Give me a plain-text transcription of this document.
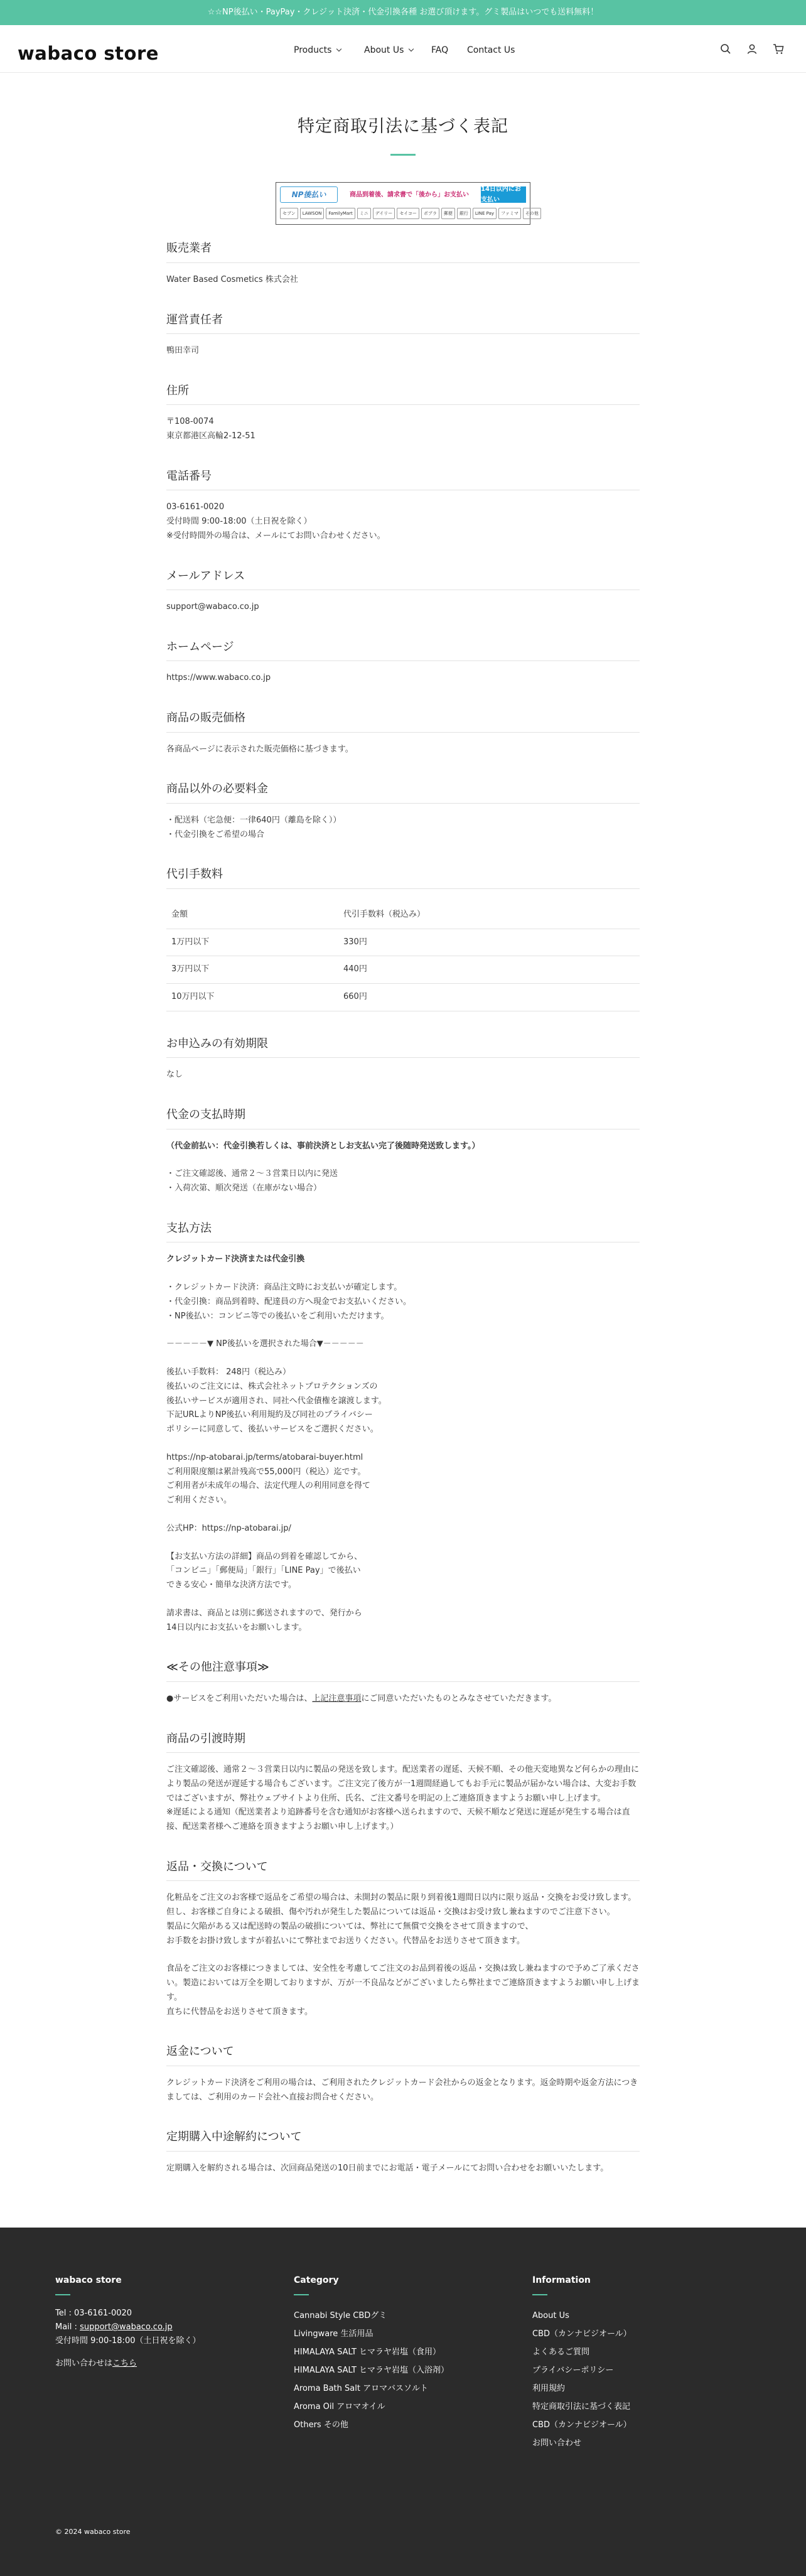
☆☆NP後払い・PayPay・クレジット決済・代金引換各種 お選び頂けます。グミ製品はいつでも送料無料！
wabaco store	Products	About Us	FAQ Contact Us
特定商取引法に基づく表記
NP後払い	商品到着後、請求書で「後から」お支払い
14日以内にお支払い
セブン	LAWSON	FamilyMart	ミニ	デイリー	セイコー	ポプラ	郵便	銀行	LINE Pay	ファミマ	その他
販売業者

Water Based Cosmetics 株式会社

運営責任者

鴨田幸司

住所

〒108-0074
東京都港区高輪2-12-51

電話番号

03-6161-0020
受付時間 9:00-18:00（土日祝を除く）
※受付時間外の場合は、メールにてお問い合わせください。

メールアドレス

support@wabaco.co.jp

ホームページ

https://www.wabaco.co.jp

商品の販売価格

各商品ページに表示された販売価格に基づきます。

商品以外の必要料金

・配送料（宅急便：一律640円（離島を除く））
・代金引換をご希望の場合

代引手数料
金額	代引手数料（税込み）
1万円以下	330円
3万円以下	440円
10万円以下	660円
お申込みの有効期限

なし

代金の支払時期

（代金前払い：代金引換若しくは、事前決済としお支払い完了後随時発送致します。）

・ご注文確認後、通常２〜３営業日以内に発送
・入荷次第、順次発送（在庫がない場合）

支払方法

クレジットカード決済または代金引換

・クレジットカード決済：商品注文時にお支払いが確定します。
・代金引換：商品到着時、配達員の方へ現金でお支払いください。
・NP後払い：コンビニ等での後払いをご利用いただけます。

－－－－－▼ NP後払いを選択された場合▼－－－－－

後払い手数料： 248円（税込み）
後払いのご注文には、株式会社ネットプロテクションズの
後払いサービスが適用され、同社へ代金債権を譲渡します。
下記URLよりNP後払い利用規約及び同社のプライバシー
ポリシーに同意して、後払いサービスをご選択ください。

https://np-atobarai.jp/terms/atobarai-buyer.html
ご利用限度額は累計残高で55,000円（税込）迄です。
ご利用者が未成年の場合、法定代理人の利用同意を得て
ご利用ください。

公式HP：https://np-atobarai.jp/

【お支払い方法の詳細】商品の到着を確認してから、
「コンビニ」「郵便局」「銀行」「LINE Pay」で後払い
できる安心・簡単な決済方法です。

請求書は、商品とは別に郵送されますので、発行から
14日以内にお支払いをお願いします。

≪その他注意事項≫

●サービスをご利用いただいた場合は、上記注意事項にご同意いただいたものとみなさせていただきます。

商品の引渡時期

ご注文確認後、通常２〜３営業日以内に製品の発送を致します。配送業者の遅延、天候不順、その他天変地異など何らかの理由により製品の発送が遅延する場合もございます。ご注文完了後方が一1週間経過してもお手元に製品が届かない場合は、大変お手数ではございますが、弊社ウェブサイトより住所、氏名、ご注文番号を明記の上ご連絡頂きますようお願い申し上げます。
※遅延による通知（配送業者より追跡番号を含む通知がお客様へ送られますので、天候不順など発送に遅延が発生する場合は直接、配送業者様へご連絡を頂きますようお願い申し上げます。）

返品・交換について

化粧品をご注文のお客様で返品をご希望の場合は、未開封の製品に限り到着後1週間日以内に限り返品・交換をお受け致します。
但し、お客様ご自身による破損、傷や汚れが発生した製品については返品・交換はお受け致し兼ねますのでご注意下さい。
製品に欠陥がある又は配送時の製品の破損については、弊社にて無償で交換をさせて頂きますので、
お手数をお掛け致しますが着払いにて弊社までお送りください。代替品をお送りさせて頂きます。

食品をご注文のお客様につきましては、安全性を考慮してご注文のお品到着後の返品・交換は致し兼ねますので予めご了承ください。製造においては万全を期しておりますが、万が一不良品などがございましたら弊社までご連絡頂きますようお願い申し上げます。
直ちに代替品をお送りさせて頂きます。

返金について

クレジットカード決済をご利用の場合は、ご利用されたクレジットカード会社からの返金となります。返金時期や返金方法につきましては、ご利用のカード会社へ直接お問合せください。

定期購入中途解約について

定期購入を解約される場合は、次回商品発送の10日前までにお電話・電子メールにてお問い合わせをお願いいたします。

wabaco store
Tel : 03-6161-0020
Mail : support@wabaco.co.jp
受付時間 9:00-18:00（土日祝を除く）
お問い合わせはこちら
Category
Cannabi Style CBDグミ
Livingware 生活用品
HIMALAYA SALT ヒマラヤ岩塩（食用）
HIMALAYA SALT ヒマラヤ岩塩（入浴剤）
Aroma Bath Salt アロマバスソルト
Aroma Oil アロマオイル
Others その他
Information
About Us
CBD（カンナビジオール）
よくあるご質問
プライバシーポリシー
利用規約
特定商取引法に基づく表記
CBD（カンナビジオール）
お問い合わせ
© 2024 wabaco store
